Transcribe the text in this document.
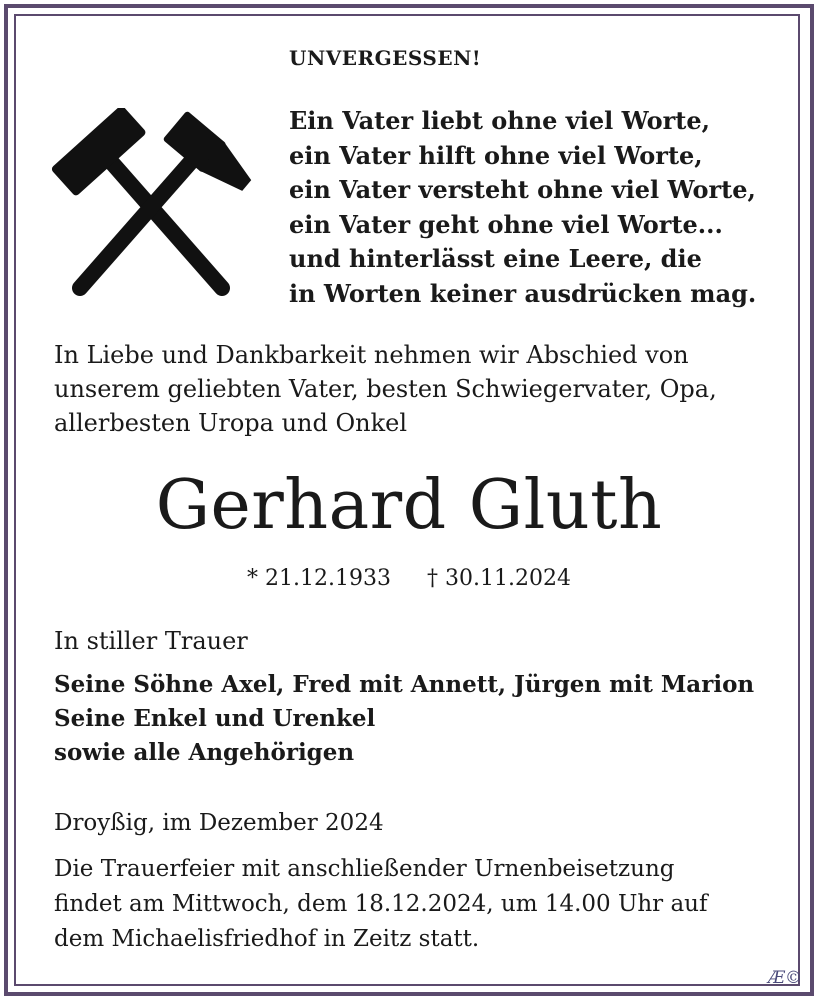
UNVERGESSEN!

Ein Vater liebt ohne viel Worte,
ein Vater hilft ohne viel Worte,
ein Vater versteht ohne viel Worte,
ein Vater geht ohne viel Worte...
und hinterlässt eine Leere, die
in Worten keiner ausdrücken mag.
In Liebe und Dankbarkeit nehmen wir Abschied von
unserem geliebten Vater, besten Schwiegervater, Opa,
allerbesten Uropa und Onkel
Gerhard Gluth
* 21.12.1933 † 30.11.2024
In stiller Trauer
Seine Söhne Axel, Fred mit Annett, Jürgen mit Marion
Seine Enkel und Urenkel
sowie alle Angehörigen
Droyßig, im Dezember 2024
Die Trauerfeier mit anschließender Urnenbeisetzung
findet am Mittwoch, dem 18.12.2024, um 14.00 Uhr auf
dem Michaelisfriedhof in Zeitz statt.
Æ©
